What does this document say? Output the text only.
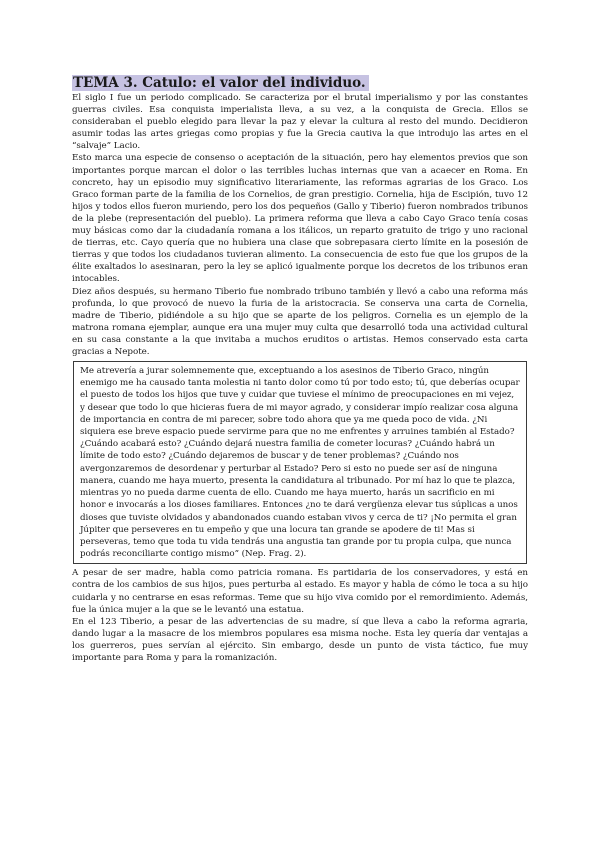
TEMA 3. Catulo: el valor del individuo.

El siglo I fue un periodo complicado. Se caracteriza por el brutal imperialismo y por las constantes guerras civiles. Esa conquista imperialista lleva, a su vez, a la conquista de Grecia. Ellos se consideraban el pueblo elegido para llevar la paz y elevar la cultura al resto del mundo. Decidieron asumir todas las artes griegas como propias y fue la Grecia cautiva la que introdujo las artes en el “salvaje” Lacio.

Esto marca una especie de consenso o aceptación de la situación, pero hay elementos previos que son importantes porque marcan el dolor o las terribles luchas internas que van a acaecer en Roma. En concreto, hay un episodio muy significativo literariamente, las reformas agrarias de los Graco. Los Graco forman parte de la familia de los Cornelios, de gran prestigio. Cornelia, hija de Escipión, tuvo 12 hijos y todos ellos fueron muriendo, pero los dos pequeños (Gallo y Tiberio) fueron nombrados tribunos de la plebe (representación del pueblo). La primera reforma que lleva a cabo Cayo Graco tenía cosas muy básicas como dar la ciudadanía romana a los itálicos, un reparto gratuito de trigo y uno racional de tierras, etc. Cayo quería que no hubiera una clase que sobrepasara cierto límite en la posesión de tierras y que todos los ciudadanos tuvieran alimento. La consecuencia de esto fue que los grupos de la élite exaltados lo asesinaran, pero la ley se aplicó igualmente porque los decretos de los tribunos eran intocables.

Diez años después, su hermano Tiberio fue nombrado tribuno también y llevó a cabo una reforma más profunda, lo que provocó de nuevo la furia de la aristocracia. Se conserva una carta de Cornelia, madre de Tiberio, pidiéndole a su hijo que se aparte de los peligros. Cornelia es un ejemplo de la matrona romana ejemplar, aunque era una mujer muy culta que desarrolló toda una actividad cultural en su casa constante a la que invitaba a muchos eruditos o artistas. Hemos conservado esta carta gracias a Nepote.

Me atrevería a jurar solemnemente que, exceptuando a los asesinos de Tiberio Graco, ningún enemigo me ha causado tanta molestia ni tanto dolor como tú por todo esto; tú, que deberías ocupar el puesto de todos los hijos que tuve y cuidar que tuviese el mínimo de preocupaciones en mi vejez, y desear que todo lo que hicieras fuera de mi mayor agrado, y considerar impío realizar cosa alguna de importancia en contra de mi parecer, sobre todo ahora que ya me queda poco de vida. ¿Ni siquiera ese breve espacio puede servirme para que no me enfrentes y arruines también al Estado? ¿Cuándo acabará esto? ¿Cuándo dejará nuestra familia de cometer locuras? ¿Cuándo habrá un límite de todo esto? ¿Cuándo dejaremos de buscar y de tener problemas? ¿Cuándo nos avergonzaremos de desordenar y perturbar al Estado? Pero si esto no puede ser así de ninguna manera, cuando me haya muerto, presenta la candidatura al tribunado. Por mí haz lo que te plazca, mientras yo no pueda darme cuenta de ello. Cuando me haya muerto, harás un sacrificio en mi honor e invocarás a los dioses familiares. Entonces ¿no te dará vergüenza elevar tus súplicas a unos dioses que tuviste olvidados y abandonados cuando estaban vivos y cerca de ti? ¡No permita el gran Júpiter que perseveres en tu empeño y que una locura tan grande se apodere de ti! Mas si perseveras, temo que toda tu vida tendrás una angustia tan grande por tu propia culpa, que nunca podrás reconciliarte contigo mismo” (Nep. Frag. 2).

A pesar de ser madre, habla como patricia romana. Es partidaria de los conservadores, y está en contra de los cambios de sus hijos, pues perturba al estado. Es mayor y habla de cómo le toca a su hijo cuidarla y no centrarse en esas reformas. Teme que su hijo viva comido por el remordimiento. Además, fue la única mujer a la que se le levantó una estatua.

En el 123 Tiberio, a pesar de las advertencias de su madre, sí que lleva a cabo la reforma agraria, dando lugar a la masacre de los miembros populares esa misma noche. Esta ley quería dar ventajas a los guerreros, pues servían al ejército. Sin embargo, desde un punto de vista táctico, fue muy importante para Roma y para la romanización.
